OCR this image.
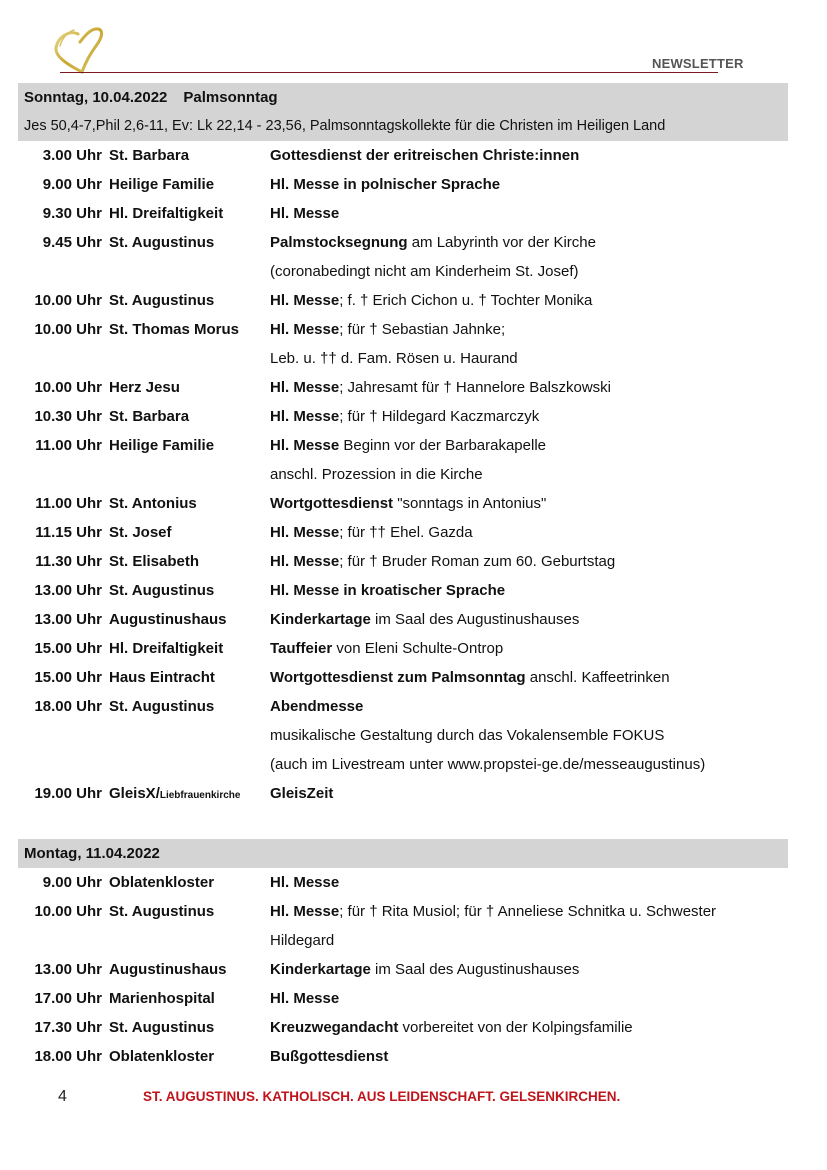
NEWSLETTER
Sonntag, 10.04.2022 Palmsonntag
Jes 50,4-7,Phil 2,6-11, Ev: Lk 22,14 - 23,56, Palmsonntagskollekte für die Christen im Heiligen Land
3.00 Uhr St. Barbara	Gottesdienst der eritreischen Christe:innen
9.00 Uhr Heilige Familie	Hl. Messe in polnischer Sprache
9.30 Uhr Hl. Dreifaltigkeit	Hl. Messe
9.45 Uhr St. Augustinus	Palmstocksegnung am Labyrinth vor der Kirche
(coronabedingt nicht am Kinderheim St. Josef)
10.00 Uhr St. Augustinus	Hl. Messe; f. † Erich Cichon u. † Tochter Monika
10.00 Uhr St. Thomas Morus	Hl. Messe; für † Sebastian Jahnke;
Leb. u. †† d. Fam. Rösen u. Haurand
10.00 Uhr Herz Jesu	Hl. Messe; Jahresamt für † Hannelore Balszkowski
10.30 Uhr St. Barbara	Hl. Messe; für † Hildegard Kaczmarczyk
11.00 Uhr Heilige Familie	Hl. Messe Beginn vor der Barbarakapelle
anschl. Prozession in die Kirche
11.00 Uhr St. Antonius	Wortgottesdienst "sonntags in Antonius"
11.15 Uhr St. Josef	Hl. Messe; für †† Ehel. Gazda
11.30 Uhr St. Elisabeth	Hl. Messe; für † Bruder Roman zum 60. Geburtstag
13.00 Uhr St. Augustinus	Hl. Messe in kroatischer Sprache
13.00 Uhr Augustinushaus	Kinderkartage im Saal des Augustinushauses
15.00 Uhr Hl. Dreifaltigkeit	Tauffeier von Eleni Schulte-Ontrop
15.00 Uhr Haus Eintracht	Wortgottesdienst zum Palmsonntag anschl. Kaffeetrinken
18.00 Uhr St. Augustinus	Abendmesse
musikalische Gestaltung durch das Vokalensemble FOKUS
(auch im Livestream unter www.propstei-ge.de/messeaugustinus)
19.00 Uhr GleisX/Liebfrauenkirche	GleisZeit
Montag, 11.04.2022
9.00 Uhr Oblatenkloster	Hl. Messe
10.00 Uhr St. Augustinus	Hl. Messe; für † Rita Musiol; für † Anneliese Schnitka u. Schwester
Hildegard
13.00 Uhr Augustinushaus	Kinderkartage im Saal des Augustinushauses
17.00 Uhr Marienhospital	Hl. Messe
17.30 Uhr St. Augustinus	Kreuzwegandacht vorbereitet von der Kolpingsfamilie
18.00 Uhr Oblatenkloster	Bußgottesdienst
4	ST. AUGUSTINUS. KATHOLISCH. AUS LEIDENSCHAFT. GELSENKIRCHEN.
